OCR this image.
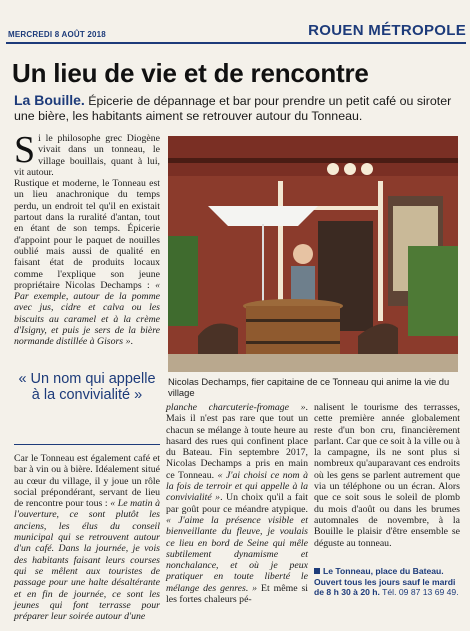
MERCREDI 8 AOÛT 2018	ROUEN MÉTROPOLE
Un lieu de vie et de rencontre
La Bouille. Épicerie de dépannage et bar pour prendre un petit café ou siroter une bière, les habitants aiment se retrouver autour du Tonneau.

Si le philosophe grec Diogène vivait dans un tonneau, le village bouillais, quant à lui, vit autour.

Rustique et moderne, le Tonneau est un lieu anachronique du temps perdu, un endroit tel qu'il en existait partout dans la ruralité d'antan, tout en étant de son temps. Épicerie d'appoint pour le paquet de nouilles oublié mais aussi de qualité en faisant état de produits locaux comme l'explique son jeune propriétaire Nicolas Dechamps : « Par exemple, autour de la pomme avec jus, cidre et calva ou les biscuits au caramel et à la crème d'Isigny, et puis je sers de la bière normande distillée à Gisors ».

Nicolas Dechamps, fier capitaine de ce Tonneau qui anime la vie du village
« Un nom qui appelle à la convivialité »

Car le Tonneau est également café et bar à vin ou à bière. Idéalement situé au cœur du village, il y joue un rôle social prépondérant, servant de lieu de rencontre pour tous : « Le matin à l'ouverture, ce sont plutôt les anciens, les élus du conseil municipal qui se retrouvent autour d'un café. Dans la journée, je vois des habitants faisant leurs courses qui se mêlent aux touristes de passage pour une halte désaltérante et en fin de journée, ce sont les jeunes qui font terrasse pour préparer leur soirée autour d'une

planche charcuterie-fromage ». Mais il n'est pas rare que tout un chacun se mélange à toute heure au hasard des rues qui confinent place du Bateau. Fin septembre 2017, Nicolas Dechamps a pris en main ce Tonneau. « J'ai choisi ce nom à la fois de terroir et qui appelle à la convivialité ». Un choix qu'il a fait par goût pour ce méandre atypique. « J'aime la présence visible et bienveillante du fleuve, je voulais ce lieu en bord de Seine qui mêle subtilement dynamisme et nonchalance, et où je peux pratiquer en toute liberté le mélange des genres. » Et même si les fortes chaleurs pé-

nalisent le tourisme des terrasses, cette première année globalement reste d'un bon cru, financièrement parlant. Car que ce soit à la ville ou à la campagne, ils ne sont plus si nombreux qu'auparavant ces endroits où les gens se parlent autrement que via un téléphone ou un écran. Alors que ce soit sous le soleil de plomb du mois d'août ou dans les brumes automnales de novembre, à la Bouille le plaisir d'être ensemble se déguste au tonneau.

Le Tonneau, place du Bateau. Ouvert tous les jours sauf le mardi de 8 h 30 à 20 h. Tél. 09 87 13 69 49.
